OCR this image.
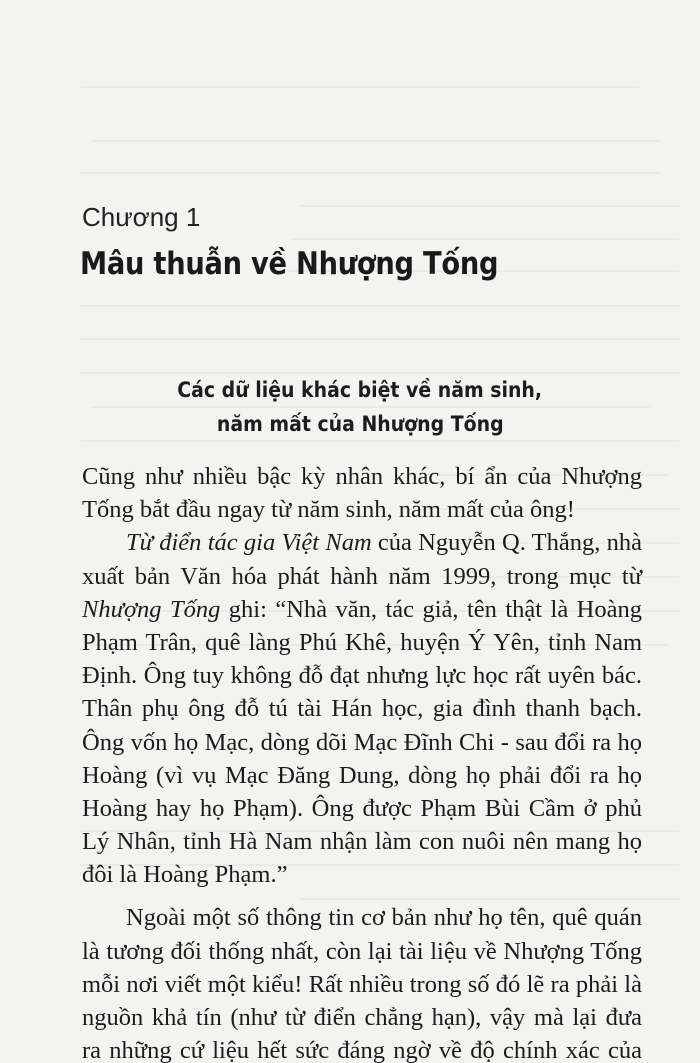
Chương 1
Mâu thuẫn về Nhượng Tống
Các dữ liệu khác biệt về năm sinh,
năm mất của Nhượng Tống
Cũng như nhiều bậc kỳ nhân khác, bí ẩn của Nhượng
Tống bắt đầu ngay từ năm sinh, năm mất của ông!
Từ điển tác gia Việt Nam của Nguyễn Q. Thắng, nhà
xuất bản Văn hóa phát hành năm 1999, trong mục từ
Nhượng Tống ghi: “Nhà văn, tác giả, tên thật là Hoàng
Phạm Trân, quê làng Phú Khê, huyện Ý Yên, tỉnh Nam
Định. Ông tuy không đỗ đạt nhưng lực học rất uyên bác.
Thân phụ ông đỗ tú tài Hán học, gia đình thanh bạch.
Ông vốn họ Mạc, dòng dõi Mạc Đĩnh Chi - sau đổi ra họ
Hoàng (vì vụ Mạc Đăng Dung, dòng họ phải đổi ra họ
Hoàng hay họ Phạm). Ông được Phạm Bùi Cầm ở phủ
Lý Nhân, tỉnh Hà Nam nhận làm con nuôi nên mang họ
đôi là Hoàng Phạm.”
Ngoài một số thông tin cơ bản như họ tên, quê quán
là tương đối thống nhất, còn lại tài liệu về Nhượng Tống
mỗi nơi viết một kiểu! Rất nhiều trong số đó lẽ ra phải là
nguồn khả tín (như từ điển chẳng hạn), vậy mà lại đưa
ra những cứ liệu hết sức đáng ngờ về độ chính xác của
